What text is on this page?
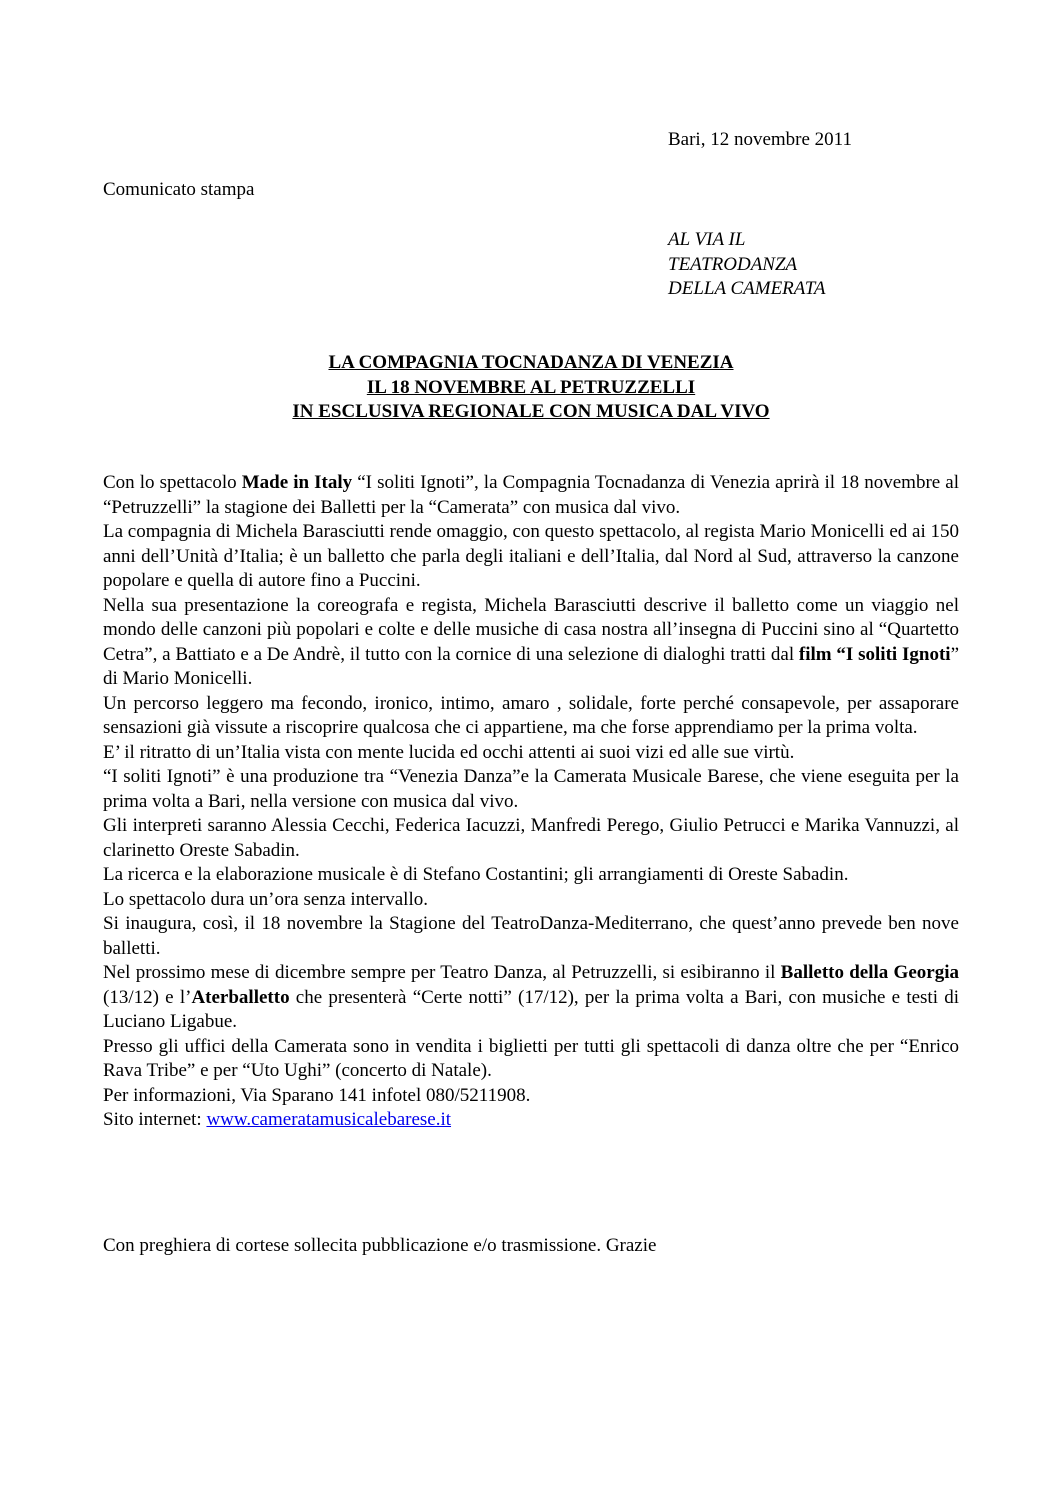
Bari, 12 novembre 2011
Comunicato stampa
AL VIA IL
TEATRODANZA
DELLA CAMERATA
LA COMPAGNIA TOCNADANZA DI VENEZIA
IL 18 NOVEMBRE AL PETRUZZELLI
IN ESCLUSIVA REGIONALE CON MUSICA DAL VIVO

Con lo spettacolo Made in Italy “I soliti Ignoti”, la Compagnia Tocnadanza di Venezia aprirà il 18 novembre al “Petruzzelli” la stagione dei Balletti per la “Camerata” con musica dal vivo.

La compagnia di Michela Barasciutti rende omaggio, con questo spettacolo, al regista Mario Monicelli ed ai 150 anni dell’Unità d’Italia; è un balletto che parla degli italiani e dell’Italia, dal Nord al Sud, attraverso la canzone popolare e quella di autore fino a Puccini.

Nella sua presentazione la coreografa e regista, Michela Barasciutti descrive il balletto come un viaggio nel mondo delle canzoni più popolari e colte e delle musiche di casa nostra all’insegna di Puccini sino al “Quartetto Cetra”, a Battiato e a De Andrè, il tutto con la cornice di una selezione di dialoghi tratti dal film “I soliti Ignoti” di Mario Monicelli.

Un percorso leggero ma fecondo, ironico, intimo, amaro , solidale, forte perché consapevole, per assaporare sensazioni già vissute a riscoprire qualcosa che ci appartiene, ma che forse apprendiamo per la prima volta.

E’ il ritratto di un’Italia vista con mente lucida ed occhi attenti ai suoi vizi ed alle sue virtù.

“I soliti Ignoti” è una produzione tra “Venezia Danza”e la Camerata Musicale Barese, che viene eseguita per la prima volta a Bari, nella versione con musica dal vivo.

Gli interpreti saranno Alessia Cecchi, Federica Iacuzzi, Manfredi Perego, Giulio Petrucci e Marika Vannuzzi, al clarinetto Oreste Sabadin.

La ricerca e la elaborazione musicale è di Stefano Costantini; gli arrangiamenti di Oreste Sabadin.

Lo spettacolo dura un’ora senza intervallo.

Si inaugura, così, il 18 novembre la Stagione del TeatroDanza-Mediterrano, che quest’anno prevede ben nove balletti.

Nel prossimo mese di dicembre sempre per Teatro Danza, al Petruzzelli, si esibiranno il Balletto della Georgia (13/12) e l’Aterballetto che presenterà “Certe notti” (17/12), per la prima volta a Bari, con musiche e testi di Luciano Ligabue.

Presso gli uffici della Camerata sono in vendita i biglietti per tutti gli spettacoli di danza oltre che per “Enrico Rava Tribe” e per “Uto Ughi” (concerto di Natale).

Per informazioni, Via Sparano 141 infotel 080/5211908.

Sito internet: www.cameratamusicalebarese.it

Con preghiera di cortese sollecita pubblicazione e/o trasmissione. Grazie
